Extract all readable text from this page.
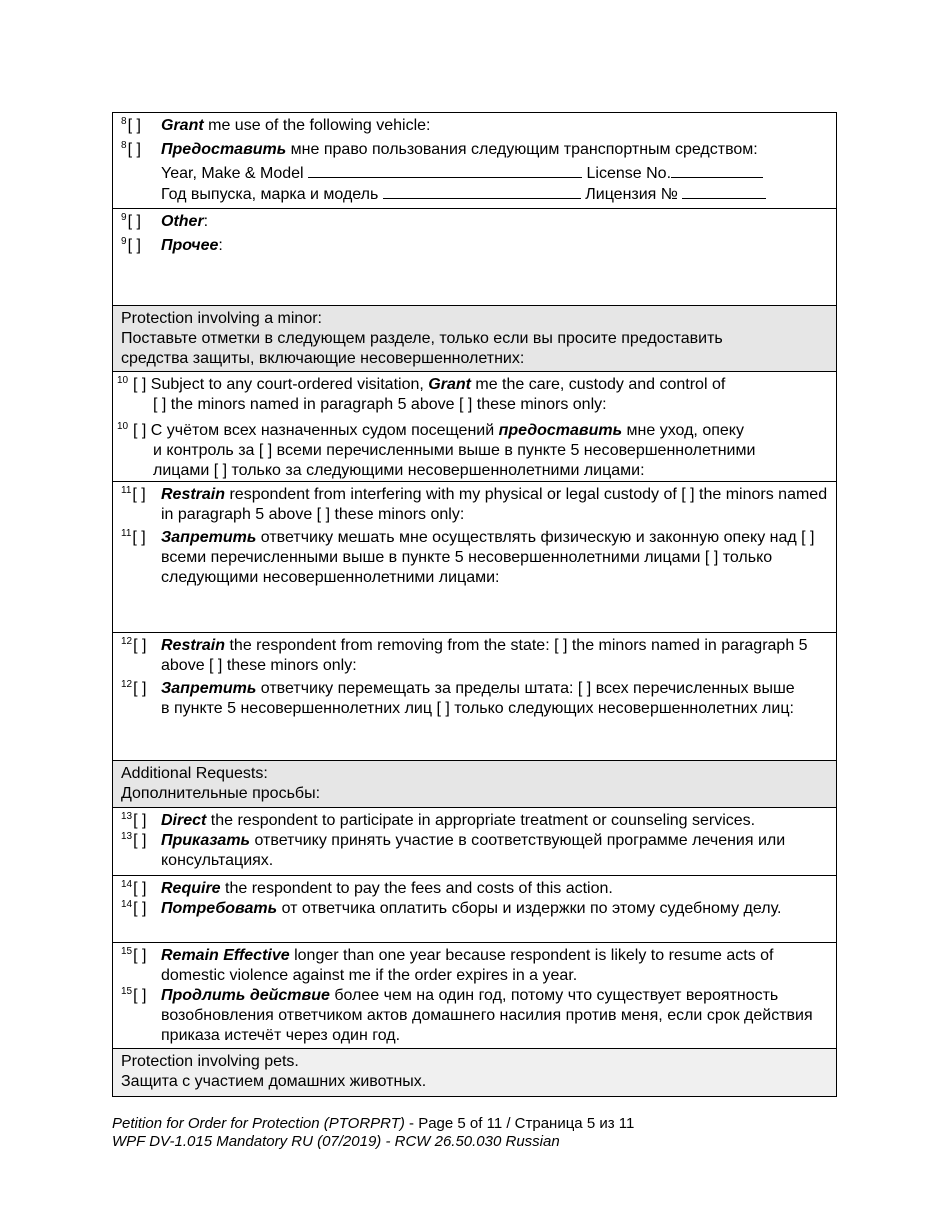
$^8$[ ] Grant me use of the following vehicle:
$^8$[ ] Предоставить мне право пользования следующим транспортным средством:
Year, Make & Model	License No.
Год выпуска, марка и модель	Лицензия №
$^9$[ ] Other:
$^9$[ ] Прочее:
Protection involving a minor:
Поставьте отметки в следующем разделе, только если вы просите предоставить средства защиты, включающие несовершеннолетних:
$^{10}$ [ ] Subject to any court-ordered visitation, Grant me the care, custody and control of
[ ] the minors named in paragraph 5 above [ ] these minors only:
$^{10}$ [ ] С учётом всех назначенных судом посещений предоставить мне уход, опеку
и контроль за [ ] всеми перечисленными выше в пункте 5 несовершеннолетними лицами [ ] только за следующими несовершеннолетними лицами:
$^{11}$[ ] Restrain respondent from interfering with my physical or legal custody of [ ] the minors named in paragraph 5 above [ ] these minors only:
$^{11}$[ ] Запретить ответчику мешать мне осуществлять физическую и законную опеку над [ ] всеми перечисленными выше в пункте 5 несовершеннолетними лицами [ ] только следующими несовершеннолетними лицами:
$^{12}$[ ] Restrain the respondent from removing from the state: [ ] the minors named in paragraph 5 above [ ] these minors only:
$^{12}$[ ] Запретить ответчику перемещать за пределы штата: [ ] всех перечисленных выше в пункте 5 несовершеннолетних лиц [ ] только следующих несовершеннолетних лиц:
Additional Requests:
Дополнительные просьбы:
$^{13}$[ ] Direct the respondent to participate in appropriate treatment or counseling services.
$^{13}$[ ] Приказать ответчику принять участие в соответствующей программе лечения или консультациях.
$^{14}$[ ] Require the respondent to pay the fees and costs of this action.
$^{14}$[ ] Потребовать от ответчика оплатить сборы и издержки по этому судебному делу.
$^{15}$[ ] Remain Effective longer than one year because respondent is likely to resume acts of domestic violence against me if the order expires in a year.
$^{15}$[ ] Продлить действие более чем на один год, потому что существует вероятность возобновления ответчиком актов домашнего насилия против меня, если срок действия приказа истечёт через один год.
Protection involving pets.
Защита с участием домашних животных.
Petition for Order for Protection (PTORPRT) - Page 5 of 11 / Страница 5 из 11
WPF DV-1.015 Mandatory RU (07/2019) - RCW 26.50.030 Russian
